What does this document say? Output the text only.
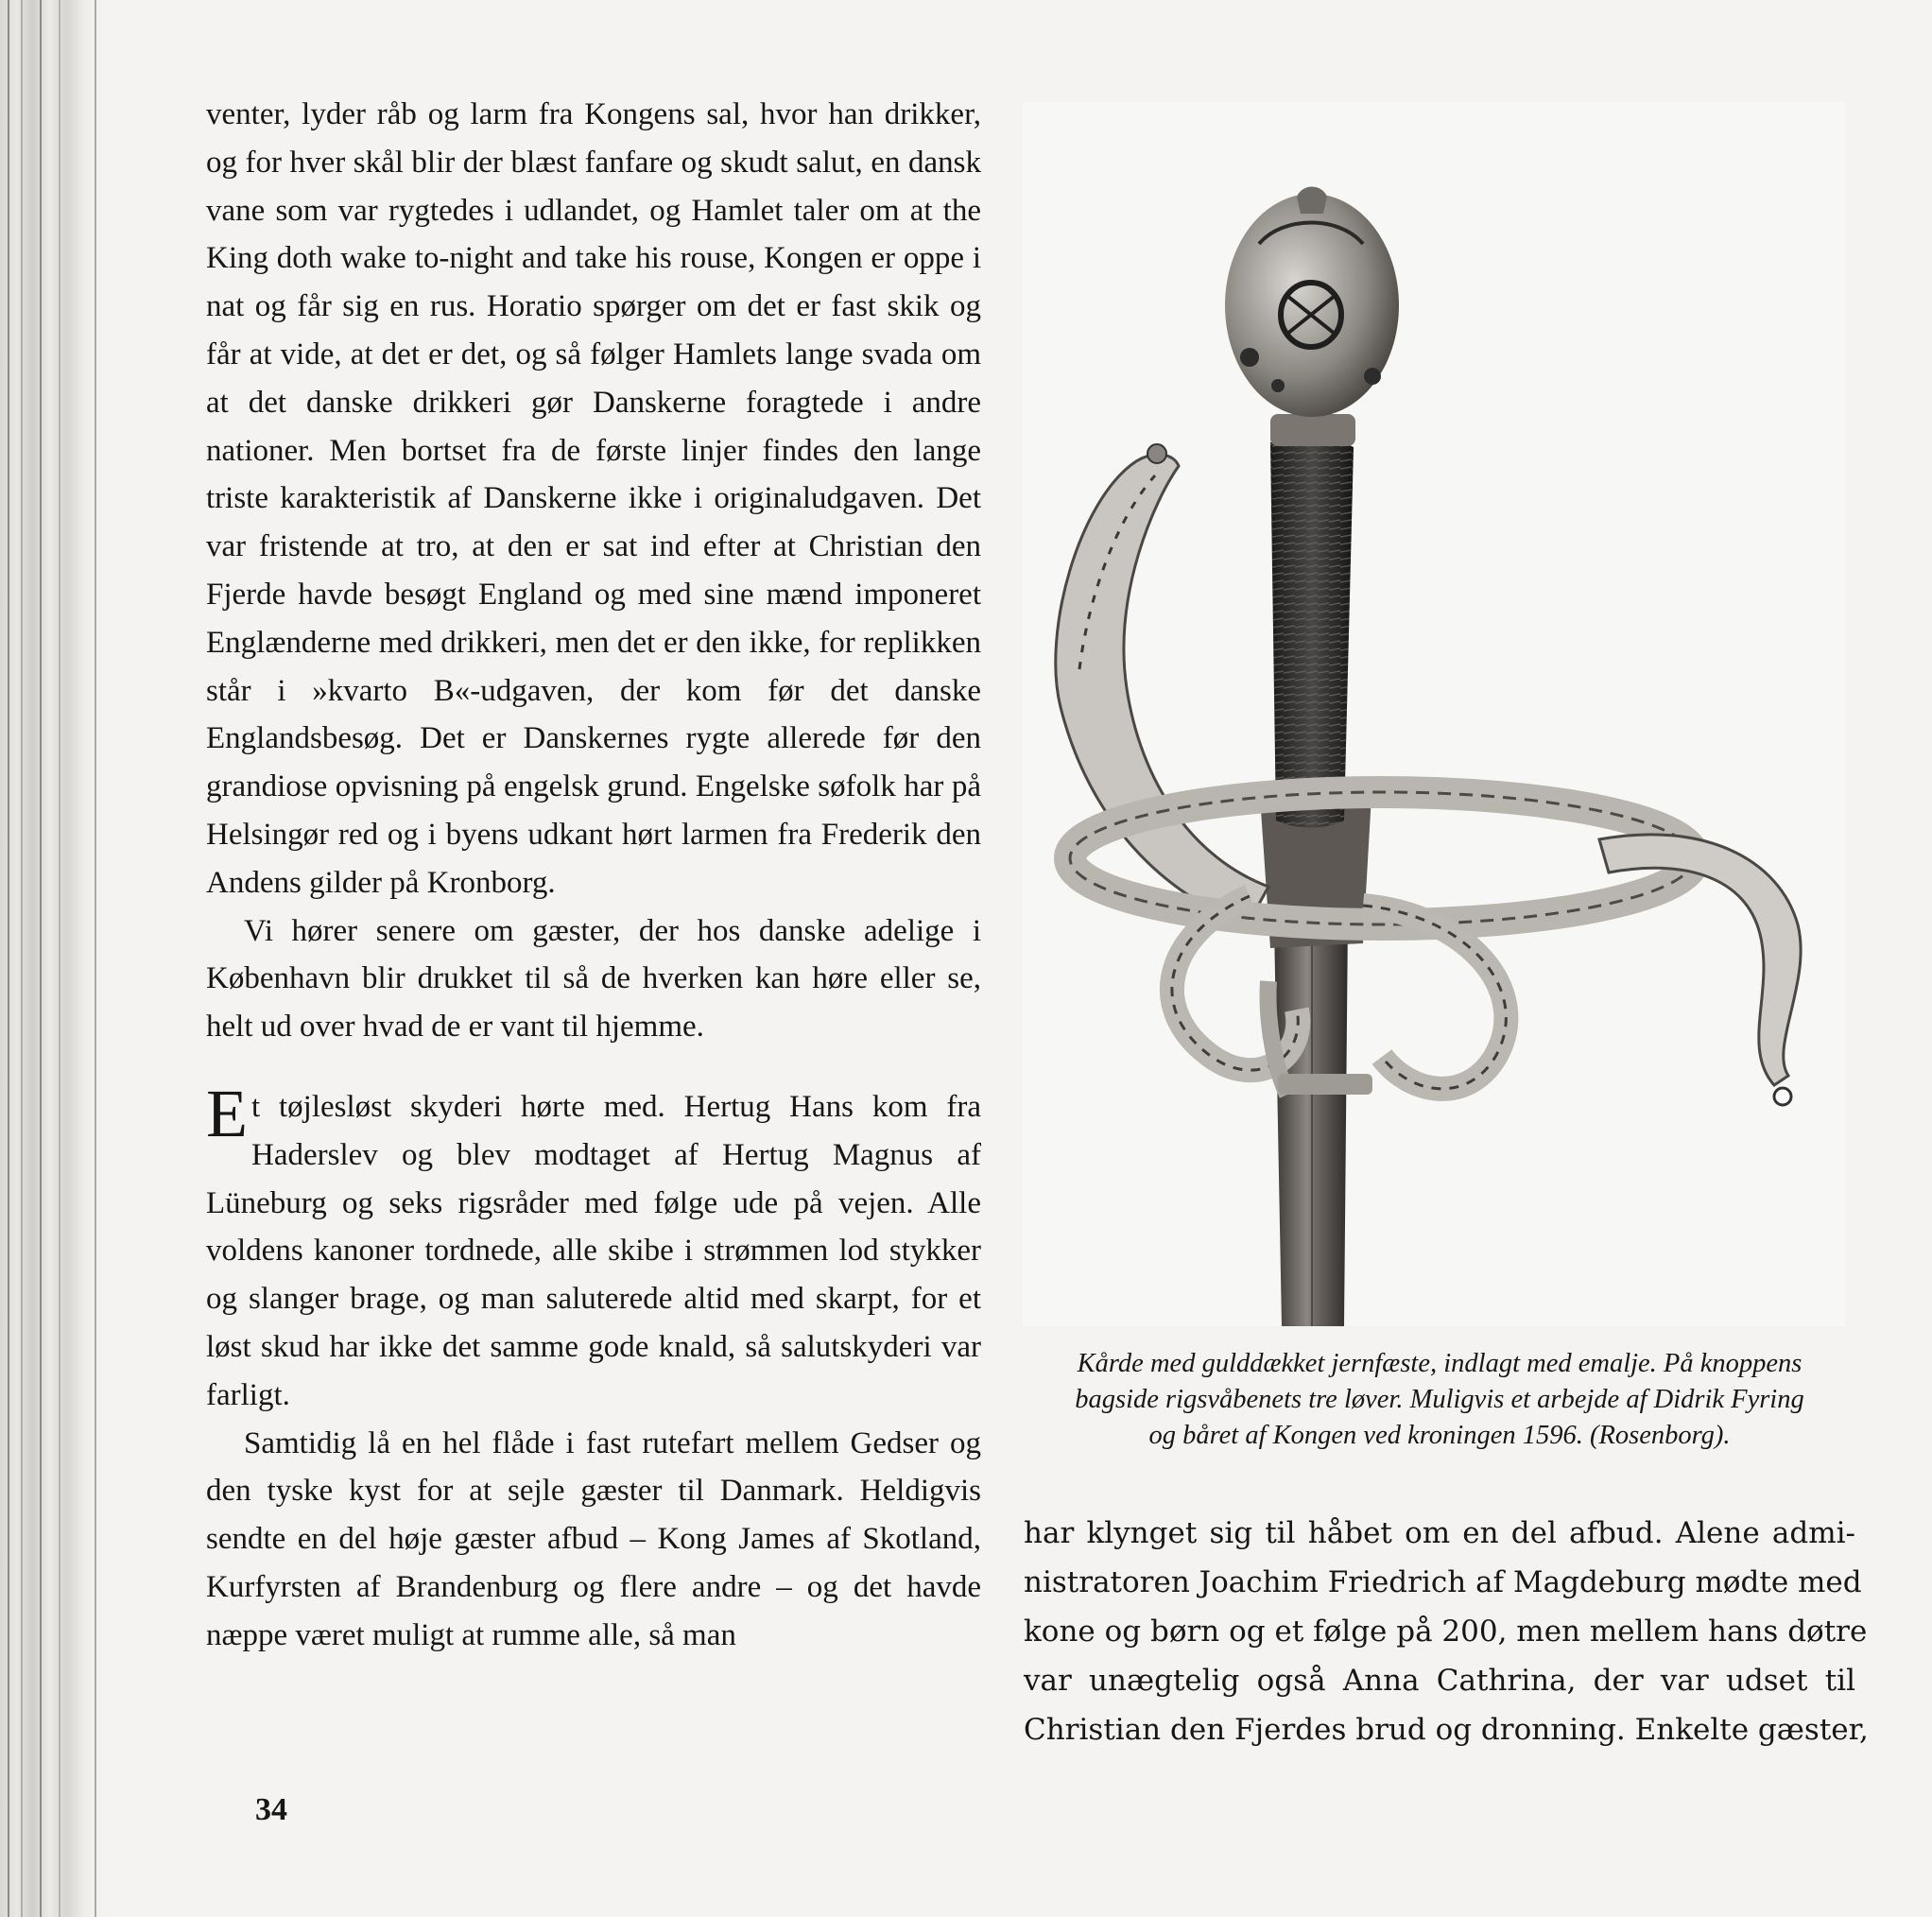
venter, lyder råb og larm fra Kongens sal, hvor han drikker, og for hver skål blir der blæst fanfare og skudt salut, en dansk vane som var rygtedes i udlandet, og Hamlet taler om at the King doth wake to-night and take his rouse, Kongen er oppe i nat og får sig en rus. Horatio spørger om det er fast skik og får at vide, at det er det, og så følger Hamlets lange svada om at det danske drikkeri gør Danskerne foragtede i andre nationer. Men bortset fra de første linjer findes den lange triste karakteristik af Danskerne ikke i originaludgaven. Det var fristende at tro, at den er sat ind efter at Christian den Fjerde havde besøgt England og med sine mænd imponeret Englænderne med drikkeri, men det er den ikke, for replikken står i »kvarto B«-udgaven, der kom før det danske Englandsbesøg. Det er Danskernes rygte allerede før den grandiose opvisning på engelsk grund. Engelske søfolk har på Helsingør red og i byens udkant hørt larmen fra Frederik den Andens gilder på Kronborg.

Vi hører senere om gæster, der hos danske adelige i København blir drukket til så de hverken kan høre eller se, helt ud over hvad de er vant til hjemme.

Et tøjlesløst skyderi hørte med. Hertug Hans kom fra Haderslev og blev modtaget af Hertug Magnus af Lüneburg og seks rigsråder med følge ude på vejen. Alle voldens kanoner tordnede, alle skibe i strømmen lod stykker og slanger brage, og man saluterede altid med skarpt, for et løst skud har ikke det samme gode knald, så salutskyderi var farligt.

Samtidig lå en hel flåde i fast rutefart mellem Gedser og den tyske kyst for at sejle gæster til Danmark. Heldigvis sendte en del høje gæster afbud – Kong James af Skotland, Kurfyrsten af Brandenburg og flere andre – og det havde næppe været muligt at rumme alle, så man

34
Kårde med gulddækket jernfæste, indlagt med emalje. På knoppens
bagside rigsvåbenets tre løver. Muligvis et arbejde af Didrik Fyring
og båret af Kongen ved kroningen 1596. (Rosenborg).
har klynget sig til håbet om en del afbud. Alene admi-
nistratoren Joachim Friedrich af Magdeburg mødte med
kone og børn og et følge på 200, men mellem hans døtre
var unægtelig også Anna Cathrina, der var udset til
Christian den Fjerdes brud og dronning. Enkelte gæster,
